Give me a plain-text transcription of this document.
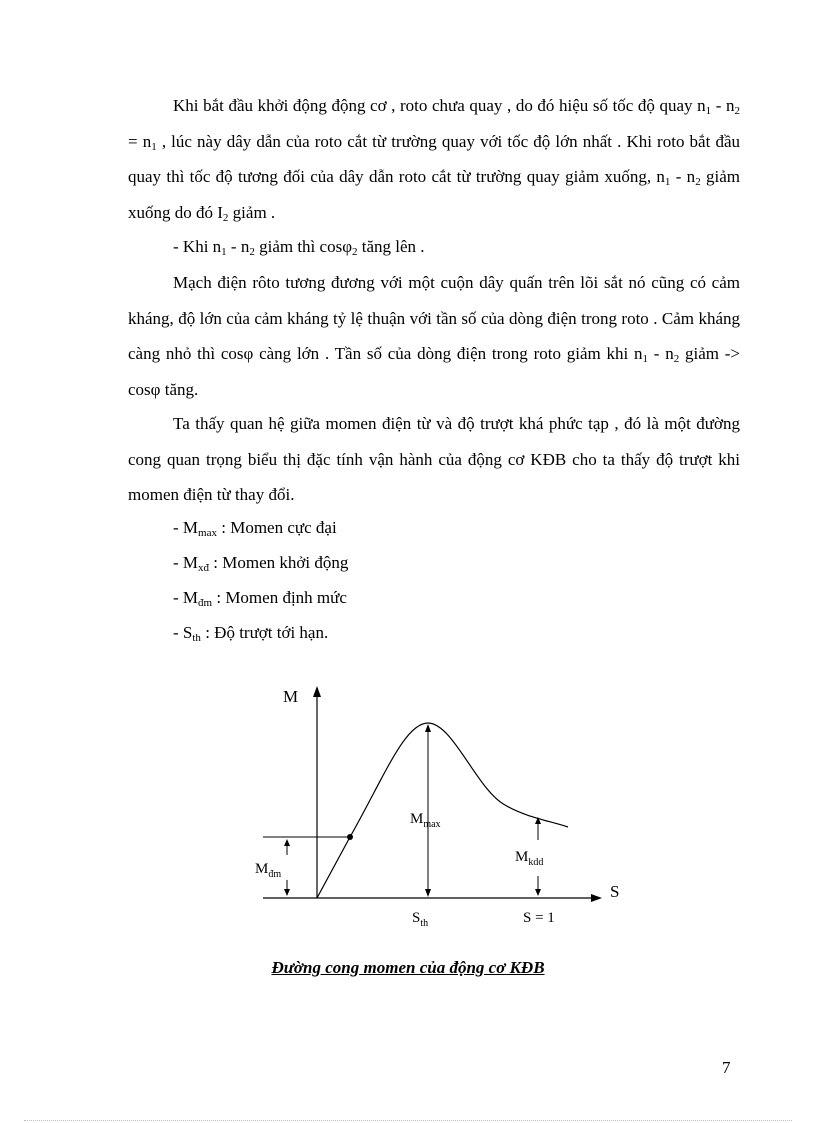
Khi bắt đầu khởi động động cơ , roto chưa quay , do đó hiệu số tốc độ quay $n_1 - n_2 = n_1$ , lúc này dây dẫn của roto cắt từ trường quay với tốc độ lớn nhất . Khi roto bắt đầu quay thì tốc độ tương đối của dây dẫn roto cắt từ trường quay giảm xuống, $n_1 - n_2$ giảm xuống do đó $I_2$ giảm .

- Khi $n_1 - n_2$ giảm thì cosφ$_2$ tăng lên .

Mạch điện rôto tương đương với một cuộn dây quấn trên lõi sắt nó cũng có cảm kháng, độ lớn của cảm kháng tỷ lệ thuận với tần số của dòng điện trong roto . Cảm kháng càng nhỏ thì cosφ càng lớn . Tần số của dòng điện trong roto giảm khi $n_1 - n_2$ giảm -> cosφ tăng.

Ta thấy quan hệ giữa momen điện từ và độ trượt khá phức tạp , đó là một đường cong quan trọng biểu thị đặc tính vận hành của động cơ KĐB cho ta thấy độ trượt khi momen điện từ thay đổi.

- $M_{max}$ : Momen cực đại

- $M_{xđ}$ : Momen khởi động

- $M_{đm}$ : Momen định mức

- $S_{th}$ : Độ trượt tới hạn.

M
S
$M_{đm}$
$M_{max}$
$M_{kdd}$
$S_{th}$	S = 1
Đường cong momen của động cơ KĐB
7
